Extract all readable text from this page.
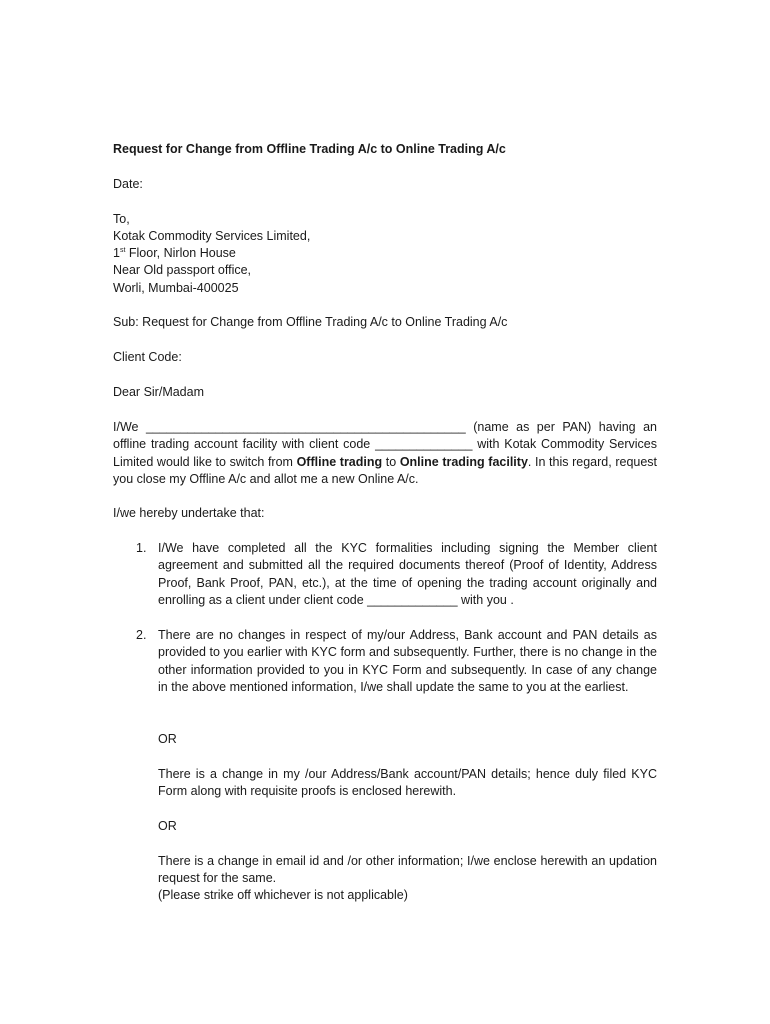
Request for Change from Offline Trading A/c to Online Trading A/c

Date:

To,

Kotak Commodity Services Limited,

1st Floor, Nirlon House

Near Old passport office,

Worli, Mumbai-400025

Sub: Request for Change from Offline Trading A/c to Online Trading A/c

Client Code:

Dear Sir/Madam

I/We ______________________________________________ (name as per PAN) having an offline trading account facility with client code ______________ with Kotak Commodity Services Limited would like to switch from Offline trading to Online trading facility. In this regard, request you close my Offline A/c and allot me a new Online A/c.

I/we hereby undertake that:

1. I/We have completed all the KYC formalities including signing the Member client agreement and submitted all the required documents thereof (Proof of Identity, Address Proof, Bank Proof, PAN, etc.), at the time of opening the trading account originally and enrolling as a client under client code _____________ with you .

2. There are no changes in respect of my/our Address, Bank account and PAN details as provided to you earlier with KYC form and subsequently. Further, there is no change in the other information provided to you in KYC Form and subsequently. In case of any change in the above mentioned information, I/we shall update the same to you at the earliest.

OR

There is a change in my /our Address/Bank account/PAN details; hence duly filed KYC Form along with requisite proofs is enclosed herewith.

OR

There is a change in email id and /or other information; I/we enclose herewith an updation request for the same.

(Please strike off whichever is not applicable)
